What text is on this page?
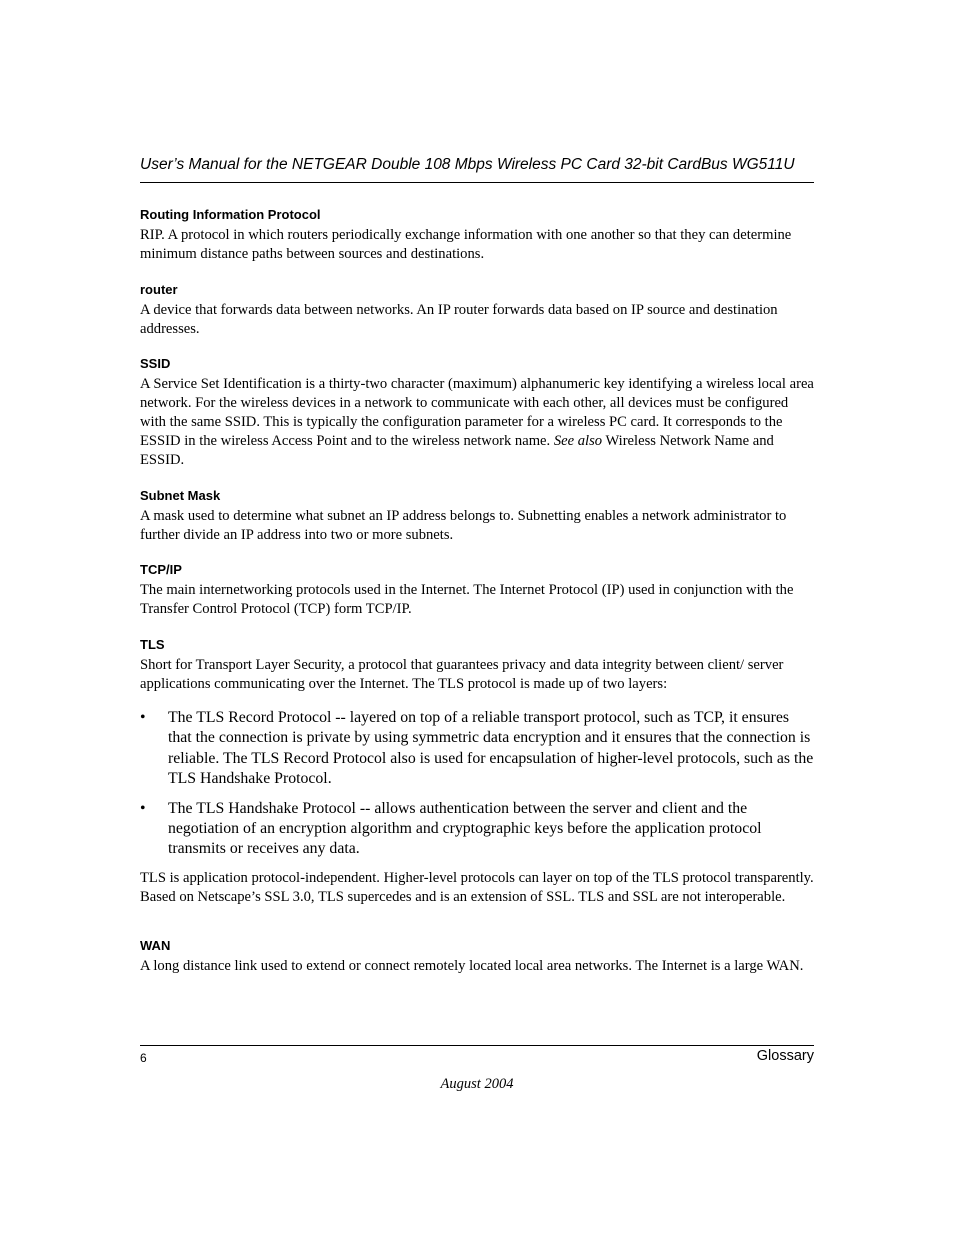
User’s Manual for the NETGEAR Double 108 Mbps Wireless PC Card 32-bit CardBus WG511U
Routing Information Protocol

RIP. A protocol in which routers periodically exchange information with one another so that they can determine minimum distance paths between sources and destinations.

router

A device that forwards data between networks. An IP router forwards data based on IP source and destination addresses.

SSID

A Service Set Identification is a thirty-two character (maximum) alphanumeric key identifying a wireless local area network. For the wireless devices in a network to communicate with each other, all devices must be configured with the same SSID. This is typically the configuration parameter for a wireless PC card. It corresponds to the ESSID in the wireless Access Point and to the wireless network name. See also Wireless Network Name and ESSID.

Subnet Mask

A mask used to determine what subnet an IP address belongs to. Subnetting enables a network administrator to further divide an IP address into two or more subnets.

TCP/IP

The main internetworking protocols used in the Internet. The Internet Protocol (IP) used in conjunction with the Transfer Control Protocol (TCP) form TCP/IP.

TLS

Short for Transport Layer Security, a protocol that guarantees privacy and data integrity between client/ server applications communicating over the Internet. The TLS protocol is made up of two layers:

• The TLS Record Protocol -- layered on top of a reliable transport protocol, such as TCP, it ensures that the connection is private by using symmetric data encryption and it ensures that the connection is reliable. The TLS Record Protocol also is used for encapsulation of higher-level protocols, such as the TLS Handshake Protocol.
• The TLS Handshake Protocol -- allows authentication between the server and client and the negotiation of an encryption algorithm and cryptographic keys before the application protocol transmits or receives any data.

TLS is application protocol-independent. Higher-level protocols can layer on top of the TLS protocol transparently. Based on Netscape’s SSL 3.0, TLS supercedes and is an extension of SSL. TLS and SSL are not interoperable.

WAN

A long distance link used to extend or connect remotely located local area networks. The Internet is a large WAN.

6	Glossary
August 2004
